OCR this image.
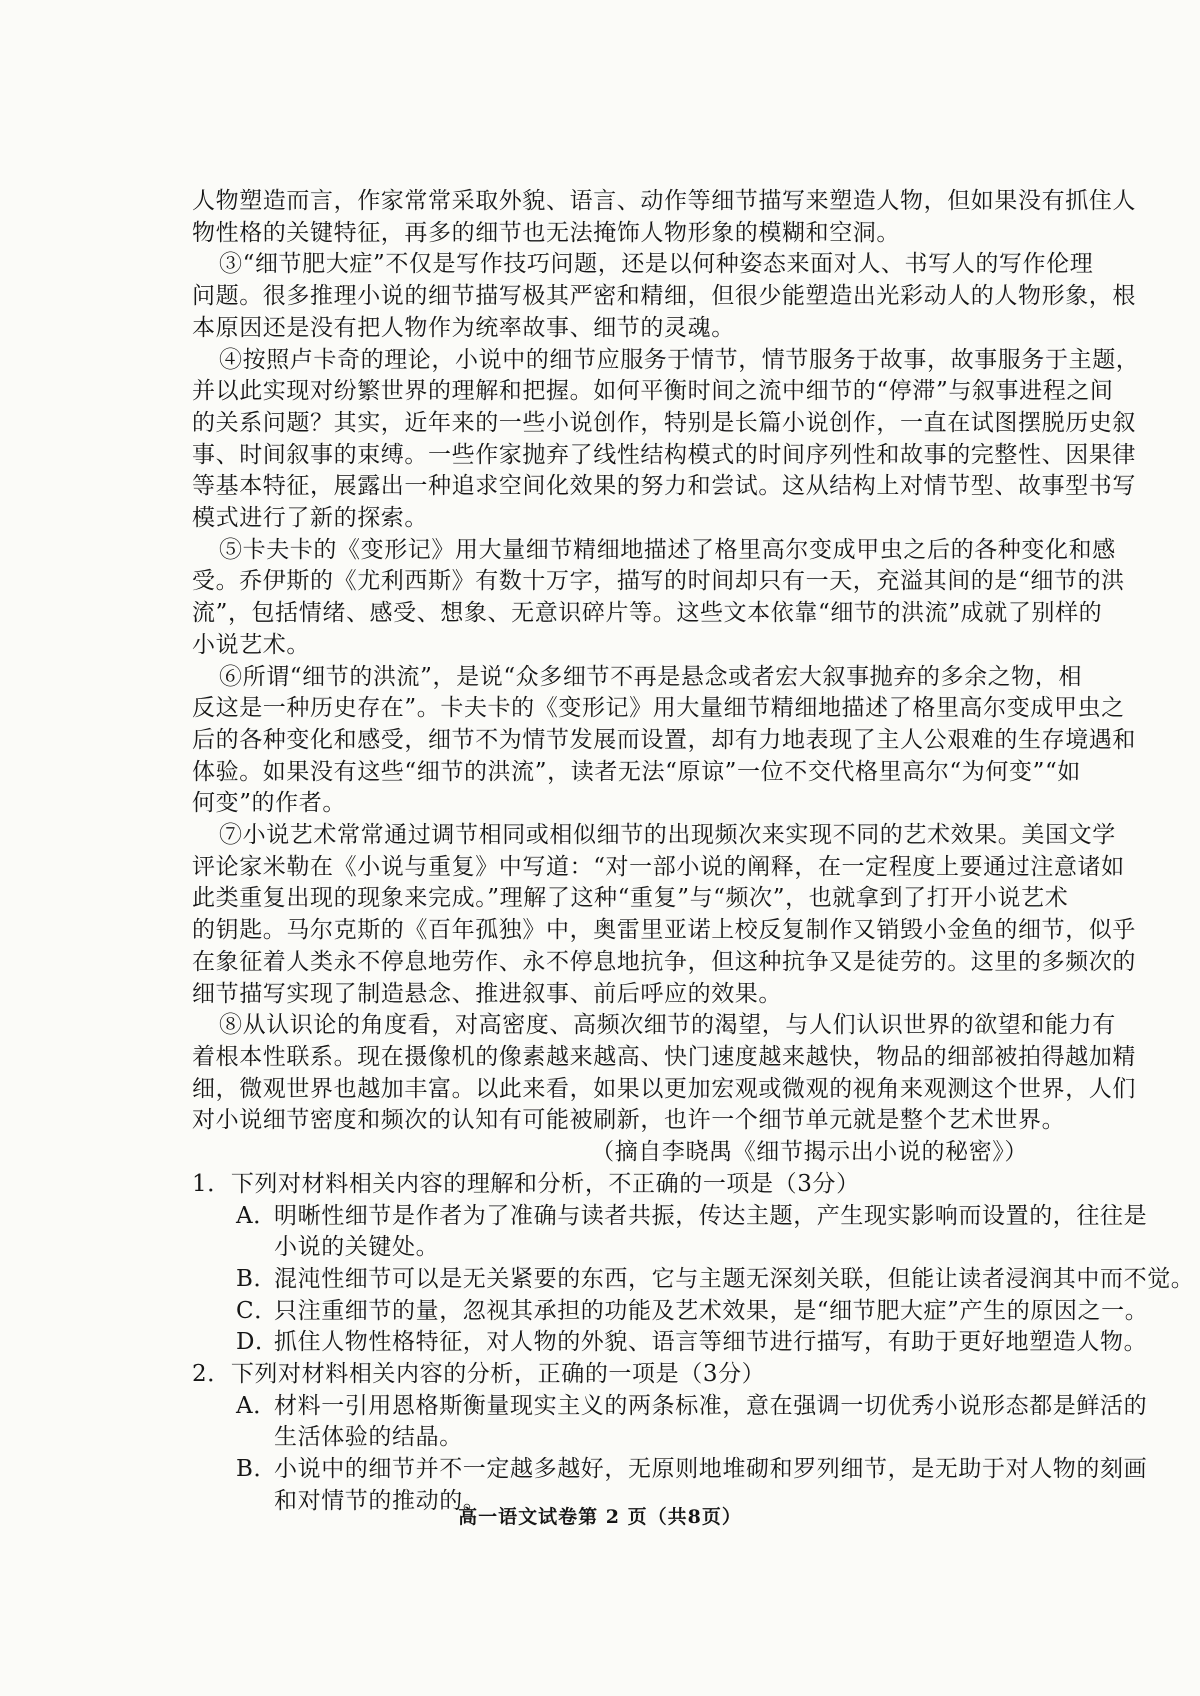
人物塑造而言，作家常常采取外貌、语言、动作等细节描写来塑造人物，但如果没有抓住人
物性格的关键特征，再多的细节也无法掩饰人物形象的模糊和空洞。
③“细节肥大症”不仅是写作技巧问题，还是以何种姿态来面对人、书写人的写作伦理
问题。很多推理小说的细节描写极其严密和精细，但很少能塑造出光彩动人的人物形象，根
本原因还是没有把人物作为统率故事、细节的灵魂。
④按照卢卡奇的理论，小说中的细节应服务于情节，情节服务于故事，故事服务于主题，
并以此实现对纷繁世界的理解和把握。如何平衡时间之流中细节的“停滞”与叙事进程之间
的关系问题？其实，近年来的一些小说创作，特别是长篇小说创作，一直在试图摆脱历史叙
事、时间叙事的束缚。一些作家抛弃了线性结构模式的时间序列性和故事的完整性、因果律
等基本特征，展露出一种追求空间化效果的努力和尝试。这从结构上对情节型、故事型书写
模式进行了新的探索。
⑤卡夫卡的《变形记》用大量细节精细地描述了格里高尔变成甲虫之后的各种变化和感
受。乔伊斯的《尤利西斯》有数十万字，描写的时间却只有一天，充溢其间的是“细节的洪
流”，包括情绪、感受、想象、无意识碎片等。这些文本依靠“细节的洪流”成就了别样的
小说艺术。
⑥所谓“细节的洪流”，是说“众多细节不再是悬念或者宏大叙事抛弃的多余之物，相
反这是一种历史存在”。卡夫卡的《变形记》用大量细节精细地描述了格里高尔变成甲虫之
后的各种变化和感受，细节不为情节发展而设置，却有力地表现了主人公艰难的生存境遇和
体验。如果没有这些“细节的洪流”，读者无法“原谅”一位不交代格里高尔“为何变”“如
何变”的作者。
⑦小说艺术常常通过调节相同或相似细节的出现频次来实现不同的艺术效果。美国文学
评论家米勒在《小说与重复》中写道：“对一部小说的阐释，在一定程度上要通过注意诸如
此类重复出现的现象来完成。”理解了这种“重复”与“频次”，也就拿到了打开小说艺术
的钥匙。马尔克斯的《百年孤独》中，奥雷里亚诺上校反复制作又销毁小金鱼的细节，似乎
在象征着人类永不停息地劳作、永不停息地抗争，但这种抗争又是徒劳的。这里的多频次的
细节描写实现了制造悬念、推进叙事、前后呼应的效果。
⑧从认识论的角度看，对高密度、高频次细节的渴望，与人们认识世界的欲望和能力有
着根本性联系。现在摄像机的像素越来越高、快门速度越来越快，物品的细部被拍得越加精
细，微观世界也越加丰富。以此来看，如果以更加宏观或微观的视角来观测这个世界，人们
对小说细节密度和频次的认知有可能被刷新，也许一个细节单元就是整个艺术世界。
（摘自李晓禺《细节揭示出小说的秘密》）
1．下列对材料相关内容的理解和分析，不正确的一项是（3分）
A．明晰性细节是作者为了准确与读者共振，传达主题，产生现实影响而设置的，往往是
小说的关键处。
B．混沌性细节可以是无关紧要的东西，它与主题无深刻关联，但能让读者浸润其中而不觉。
C．只注重细节的量，忽视其承担的功能及艺术效果，是“细节肥大症”产生的原因之一。
D．抓住人物性格特征，对人物的外貌、语言等细节进行描写，有助于更好地塑造人物。
2．下列对材料相关内容的分析，正确的一项是（3分）
A．材料一引用恩格斯衡量现实主义的两条标准，意在强调一切优秀小说形态都是鲜活的
生活体验的结晶。
B．小说中的细节并不一定越多越好，无原则地堆砌和罗列细节，是无助于对人物的刻画
和对情节的推动的。
高一语文试卷第 2 页（共8页）
